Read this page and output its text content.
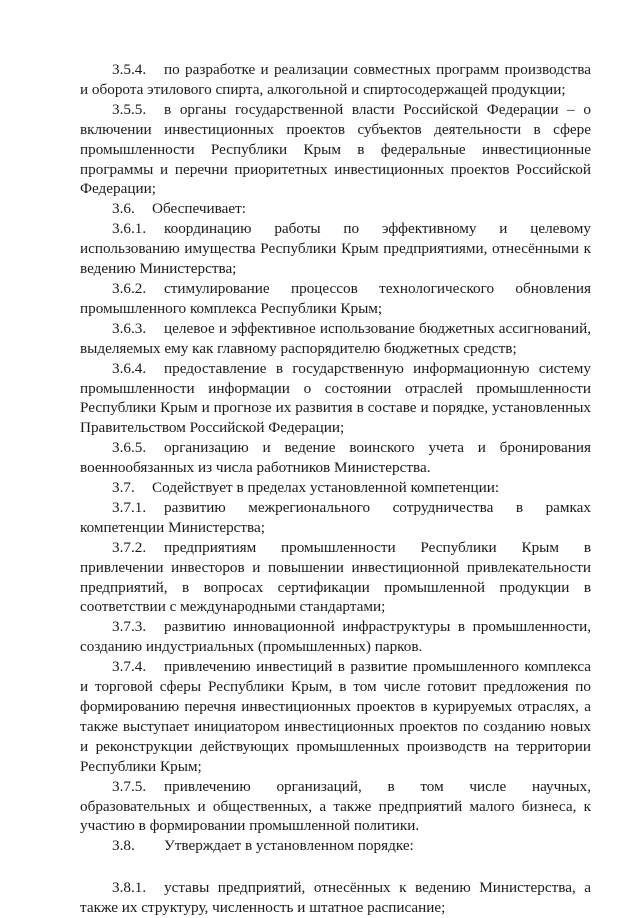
3.5.4. по разработке и реализации совместных программ производства и оборота этилового спирта, алкогольной и спиртосодержащей продукции;

3.5.5. в органы государственной власти Российской Федерации – о включении инвестиционных проектов субъектов деятельности в сфере промышленности Республики Крым в федеральные инвестиционные программы и перечни приоритетных инвестиционных проектов Российской Федерации;

3.6. Обеспечивает:

3.6.1. координацию работы по эффективному и целевому использованию имущества Республики Крым предприятиями, отнесёнными к ведению Министерства;

3.6.2. стимулирование процессов технологического обновления промышленного комплекса Республики Крым;

3.6.3. целевое и эффективное использование бюджетных ассигнований, выделяемых ему как главному распорядителю бюджетных средств;

3.6.4. предоставление в государственную информационную систему промышленности информации о состоянии отраслей промышленности Республики Крым и прогнозе их развития в составе и порядке, установленных Правительством Российской Федерации;

3.6.5. организацию и ведение воинского учета и бронирования военнообязанных из числа работников Министерства.

3.7. Содействует в пределах установленной компетенции:

3.7.1. развитию межрегионального сотрудничества в рамках компетенции Министерства;

3.7.2. предприятиям промышленности Республики Крым в привлечении инвесторов и повышении инвестиционной привлекательности предприятий, в вопросах сертификации промышленной продукции в соответствии с международными стандартами;

3.7.3. развитию инновационной инфраструктуры в промышленности, созданию индустриальных (промышленных) парков.

3.7.4. привлечению инвестиций в развитие промышленного комплекса и торговой сферы Республики Крым, в том числе готовит предложения по формированию перечня инвестиционных проектов в курируемых отраслях, а также выступает инициатором инвестиционных проектов по созданию новых и реконструкции действующих промышленных производств на территории Республики Крым;

3.7.5. привлечению организаций, в том числе научных, образовательных и общественных, а также предприятий малого бизнеса, к участию в формировании промышленной политики.

3.8. Утверждает в установленном порядке:

3.8.1. уставы предприятий, отнесённых к ведению Министерства, а также их структуру, численность и штатное расписание;
